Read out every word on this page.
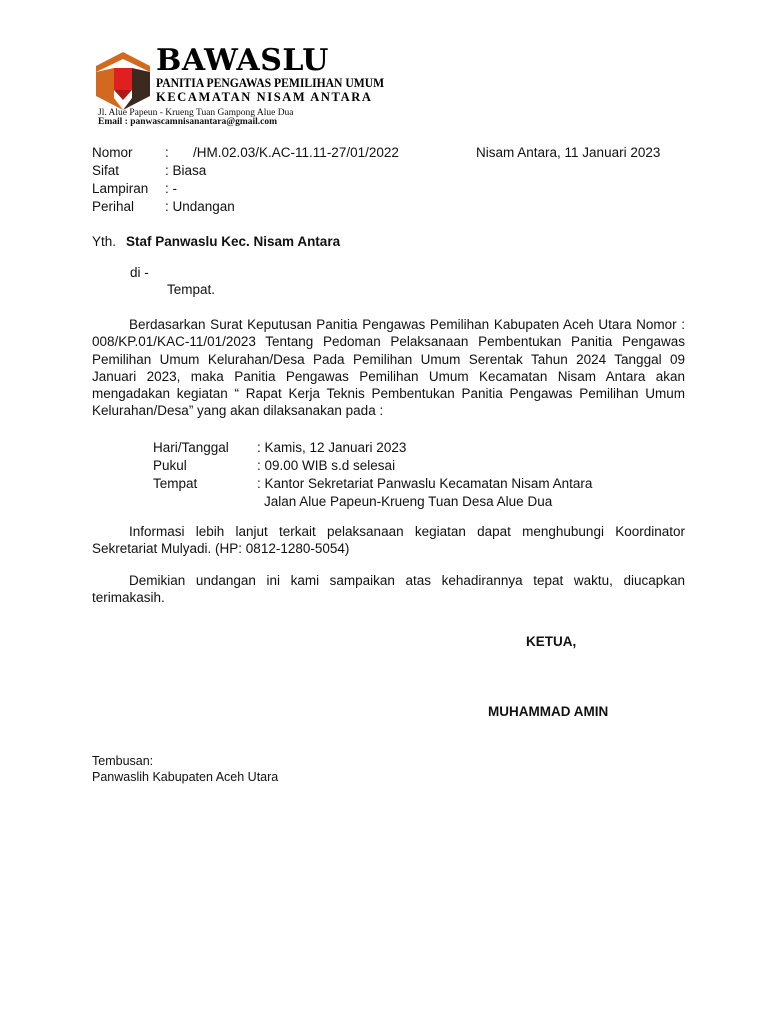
BAWASLU
PANITIA PENGAWAS PEMILIHAN UMUM
KECAMATAN NISAM ANTARA
Jl. Alue Papeun - Krueng Tuan Gampong Alue Dua
Email : panwascamnisanantara@gmail.com
Nomor : /HM.02.03/K.AC-11.11-27/01/2022	Nisam Antara, 11 Januari 2023
Sifat	: Biasa
Lampiran : -
Perihal : Undangan
Yth. Staf Panwaslu Kec. Nisam Antara
di -
Tempat.
Berdasarkan Surat Keputusan Panitia Pengawas Pemilihan Kabupaten Aceh Utara Nomor : 008/KP.01/KAC-11/01/2023 Tentang Pedoman Pelaksanaan Pembentukan Panitia Pengawas Pemilihan Umum Kelurahan/Desa Pada Pemilihan Umum Serentak Tahun 2024 Tanggal 09 Januari 2023, maka Panitia Pengawas Pemilihan Umum Kecamatan Nisam Antara akan mengadakan kegiatan “ Rapat Kerja Teknis Pembentukan Panitia Pengawas Pemilihan Umum Kelurahan/Desa” yang akan dilaksanakan pada :
Hari/Tanggal : Kamis, 12 Januari 2023
Pukul	: 09.00 WIB s.d selesai
Tempat	: Kantor Sekretariat Panwaslu Kecamatan Nisam Antara
Jalan Alue Papeun-Krueng Tuan Desa Alue Dua
Informasi lebih lanjut terkait pelaksanaan kegiatan dapat menghubungi Koordinator Sekretariat Mulyadi. (HP: 0812-1280-5054)
Demikian undangan ini kami sampaikan atas kehadirannya tepat waktu, diucapkan terimakasih.
KETUA,
MUHAMMAD AMIN
Tembusan:
Panwaslih Kabupaten Aceh Utara
